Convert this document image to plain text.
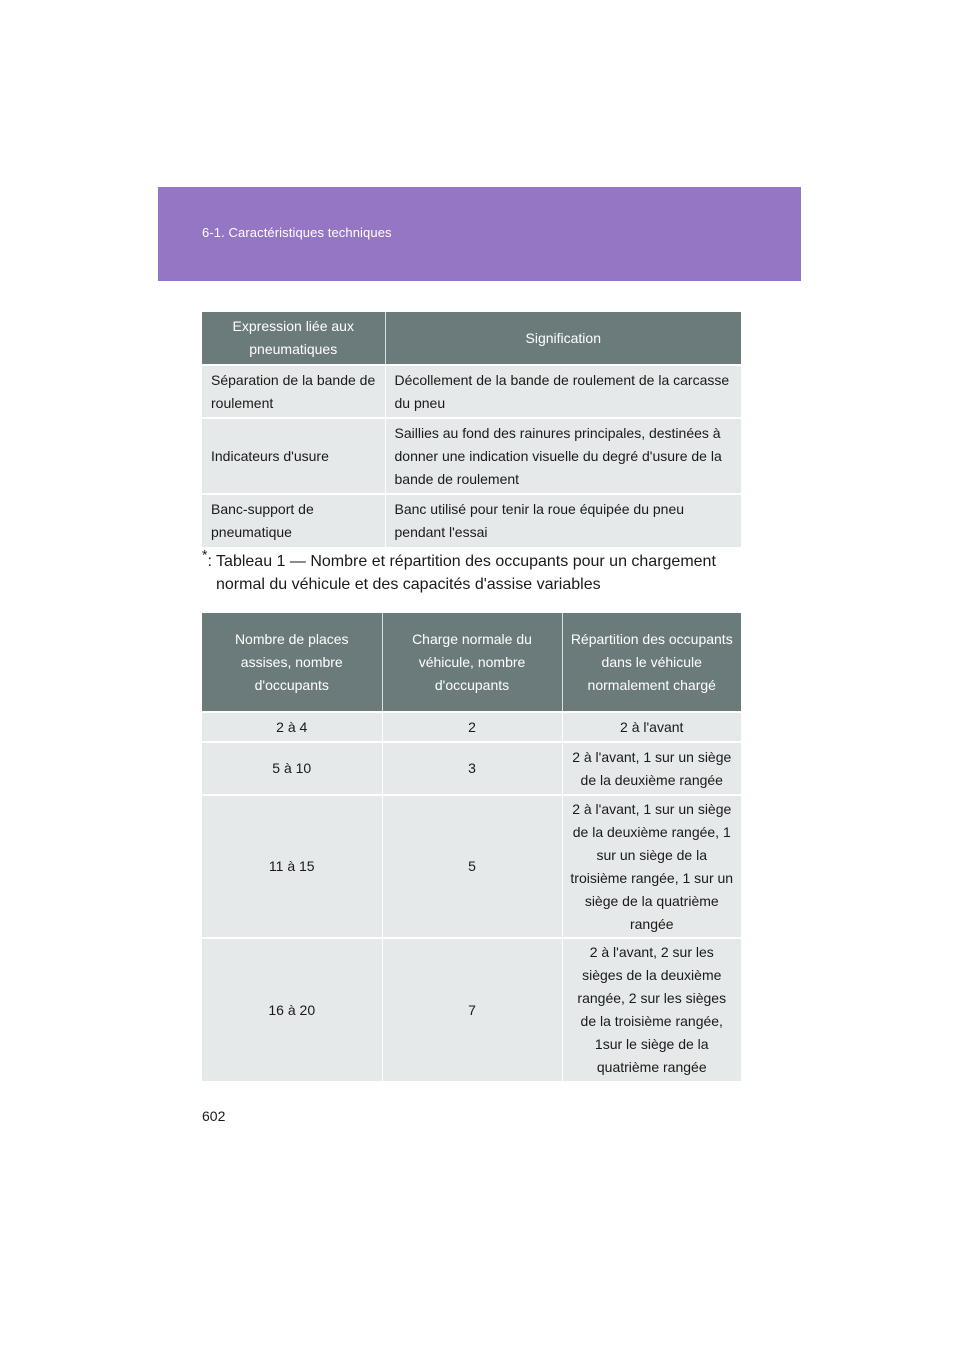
6-1. Caractéristiques techniques
Expression liée aux pneumatiques	Signification
Séparation de la bande de roulement	Décollement de la bande de roulement de la carcasse du pneu
Indicateurs d'usure	Saillies au fond des rainures principales, destinées à donner une indication visuelle du degré d'usure de la bande de roulement
Banc-support de pneumatique	Banc utilisé pour tenir la roue équipée du pneu pendant l'essai
*: Tableau 1 — Nombre et répartition des occupants pour un chargement
normal du véhicule et des capacités d'assise variables
Nombre de places assises, nombre d'occupants	Charge normale du véhicule, nombre d'occupants	Répartition des occupants dans le véhicule normalement chargé
2 à 4	2	2 à l'avant
5 à 10	3	2 à l'avant, 1 sur un siège de la deuxième rangée
11 à 15	5	2 à l'avant, 1 sur un siège de la deuxième rangée, 1 sur un siège de la troisième rangée, 1 sur un siège de la quatrième rangée
16 à 20	7	2 à l'avant, 2 sur les sièges de la deuxième rangée, 2 sur les sièges de la troisième rangée, 1sur le siège de la quatrième rangée
602
